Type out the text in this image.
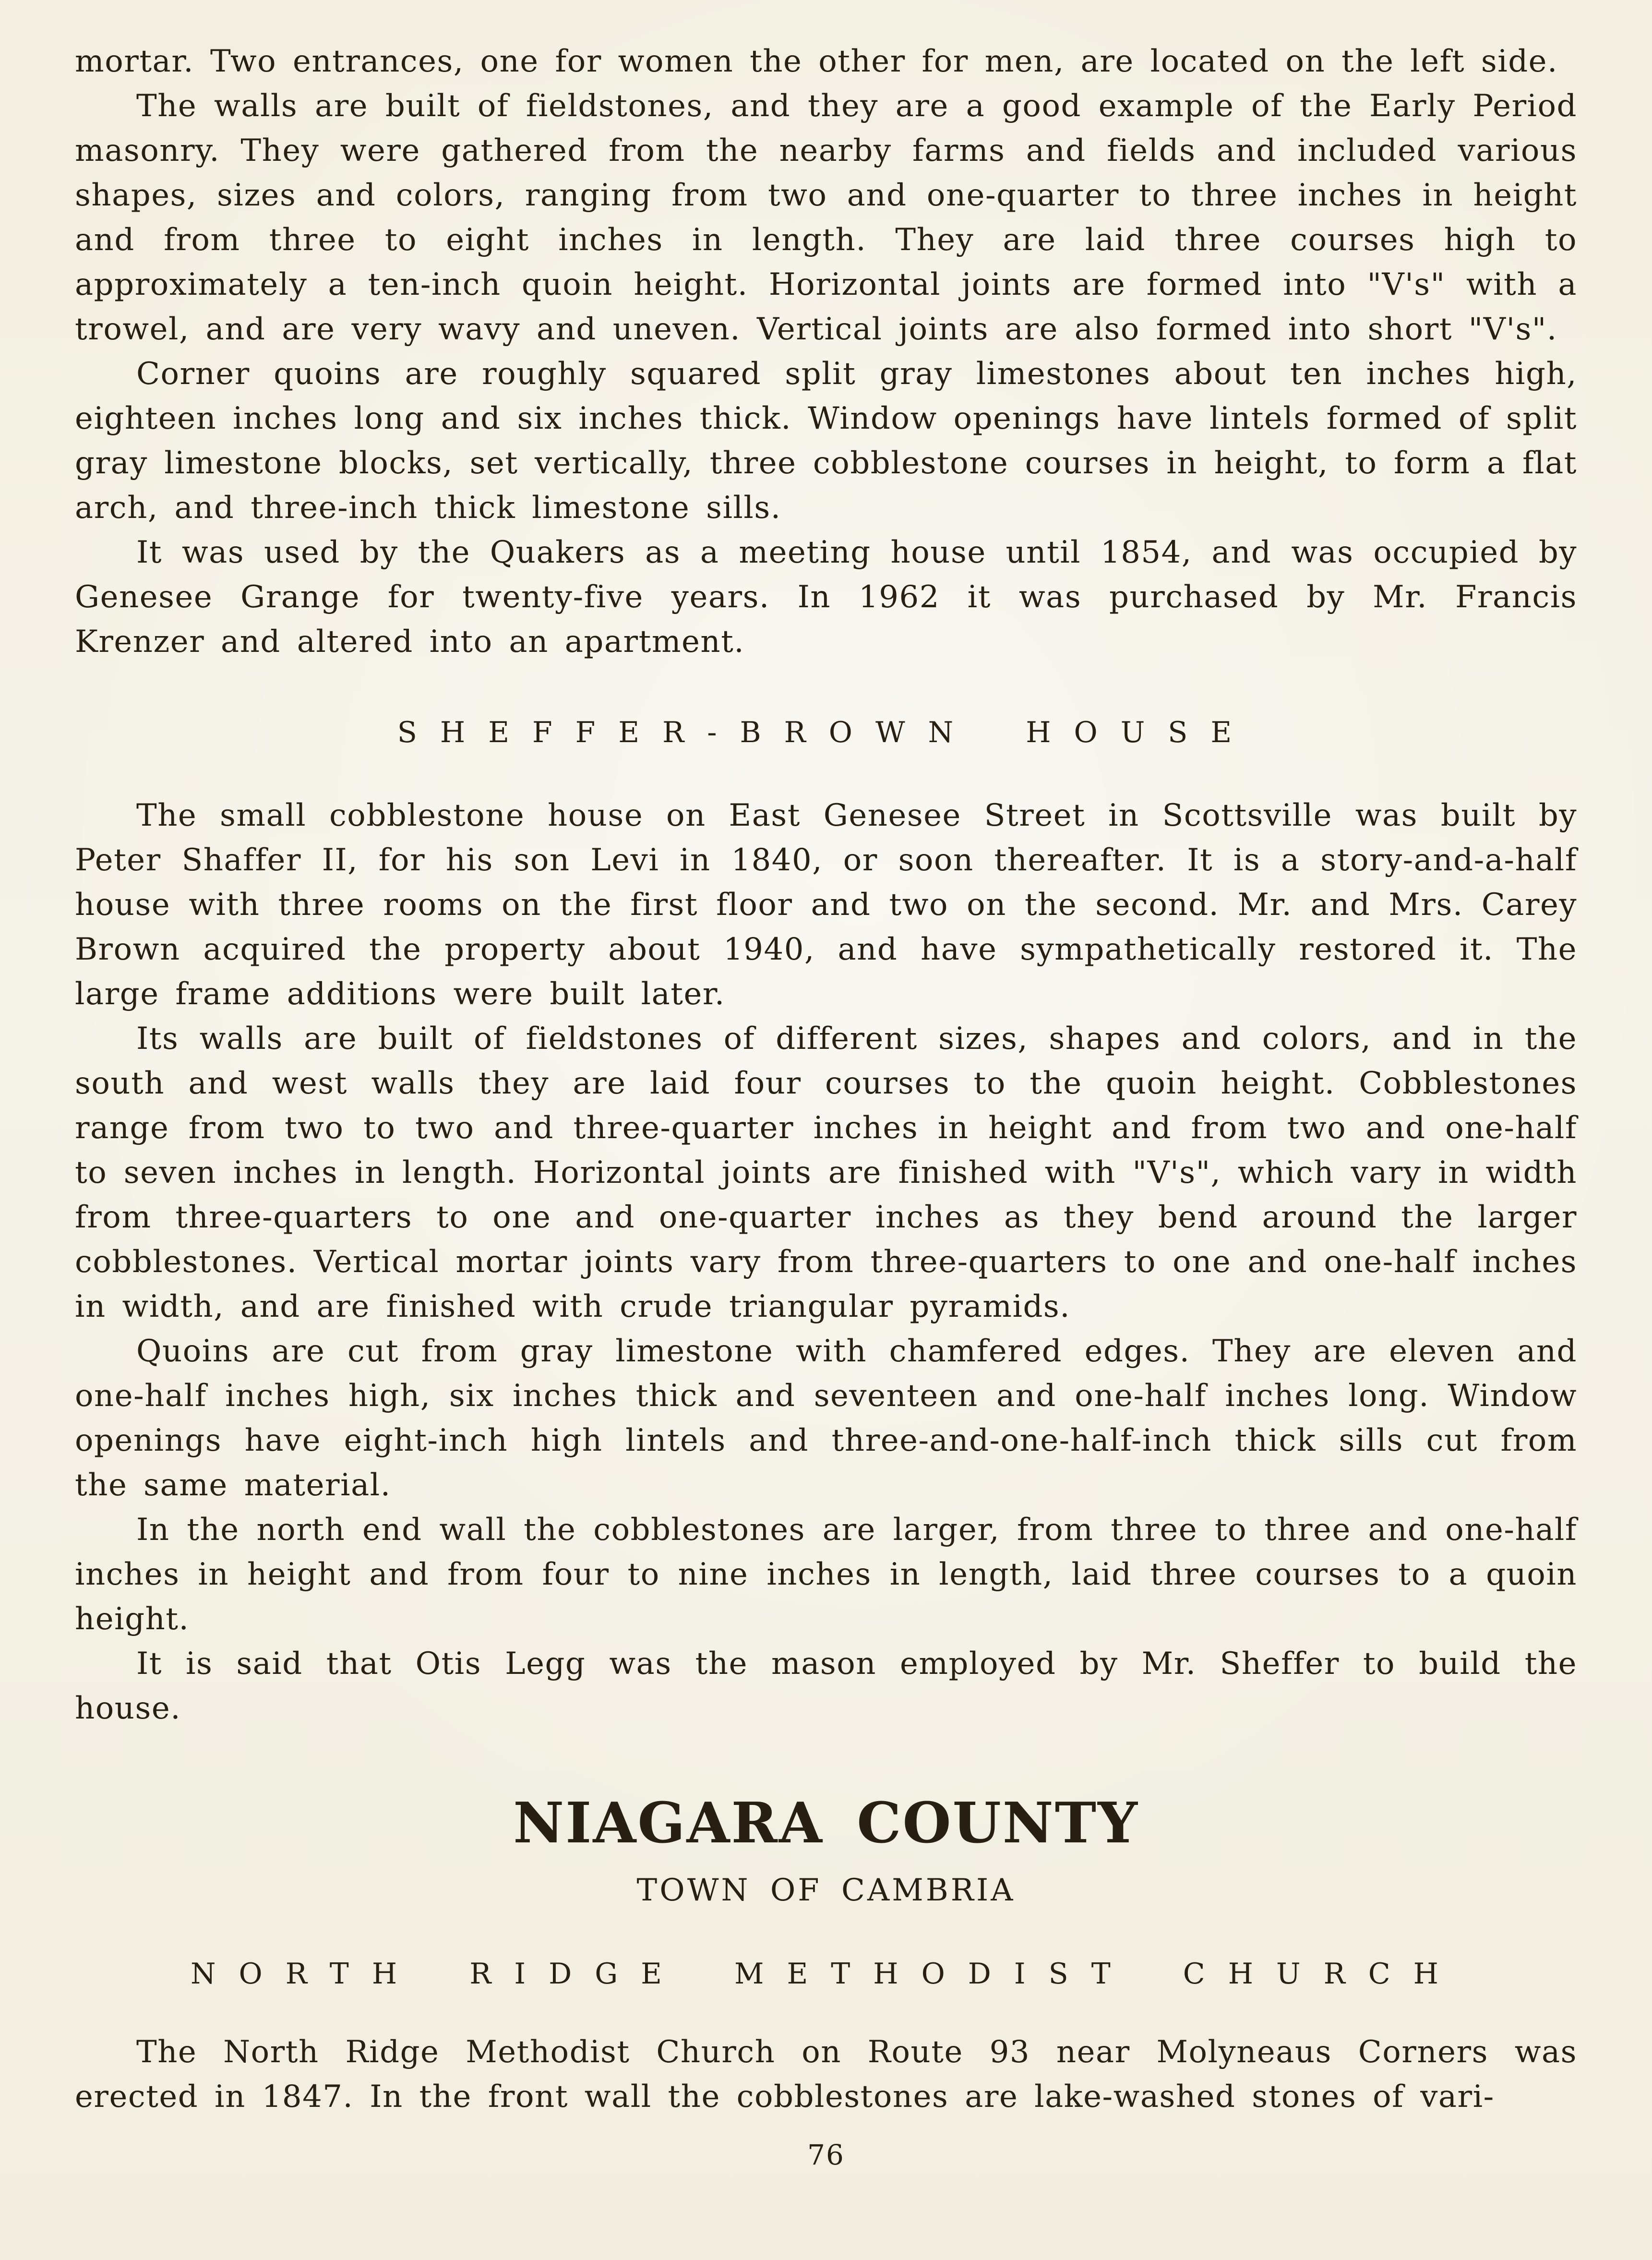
mortar. Two entrances, one for women the other for men, are located on the left side.

The walls are built of fieldstones, and they are a good example of the Early Period masonry. They were gathered from the nearby farms and fields and included various shapes, sizes and colors, ranging from two and one-quarter to three inches in height and from three to eight inches in length. They are laid three courses high to approximately a ten-inch quoin height. Horizontal joints are formed into "V's" with a trowel, and are very wavy and uneven. Vertical joints are also formed into short "V's".

Corner quoins are roughly squared split gray limestones about ten inches high, eighteen inches long and six inches thick. Window openings have lintels formed of split gray limestone blocks, set vertically, three cobblestone courses in height, to form a flat arch, and three-inch thick limestone sills.

It was used by the Quakers as a meeting house until 1854, and was occupied by Genesee Grange for twenty-five years. In 1962 it was purchased by Mr. Francis Krenzer and altered into an apartment.

SHEFFER-BROWN HOUSE

The small cobblestone house on East Genesee Street in Scottsville was built by Peter Shaffer II, for his son Levi in 1840, or soon thereafter. It is a story-and-a-half house with three rooms on the first floor and two on the second. Mr. and Mrs. Carey Brown acquired the property about 1940, and have sympathetically restored it. The large frame additions were built later.

Its walls are built of fieldstones of different sizes, shapes and colors, and in the south and west walls they are laid four courses to the quoin height. Cobblestones range from two to two and three-quarter inches in height and from two and one-half to seven inches in length. Horizontal joints are finished with "V's", which vary in width from three-quarters to one and one-quarter inches as they bend around the larger cobblestones. Vertical mortar joints vary from three-quarters to one and one-half inches in width, and are finished with crude triangular pyramids.

Quoins are cut from gray limestone with chamfered edges. They are eleven and one-half inches high, six inches thick and seventeen and one-half inches long. Window openings have eight-inch high lintels and three-and-one-half-inch thick sills cut from the same material.

In the north end wall the cobblestones are larger, from three to three and one-half inches in height and from four to nine inches in length, laid three courses to a quoin height.

It is said that Otis Legg was the mason employed by Mr. Sheffer to build the house.

NIAGARA COUNTY
TOWN OF CAMBRIA
NORTH RIDGE METHODIST CHURCH

The North Ridge Methodist Church on Route 93 near Molyneaus Corners was erected in 1847. In the front wall the cobblestones are lake-washed stones of vari-

76
